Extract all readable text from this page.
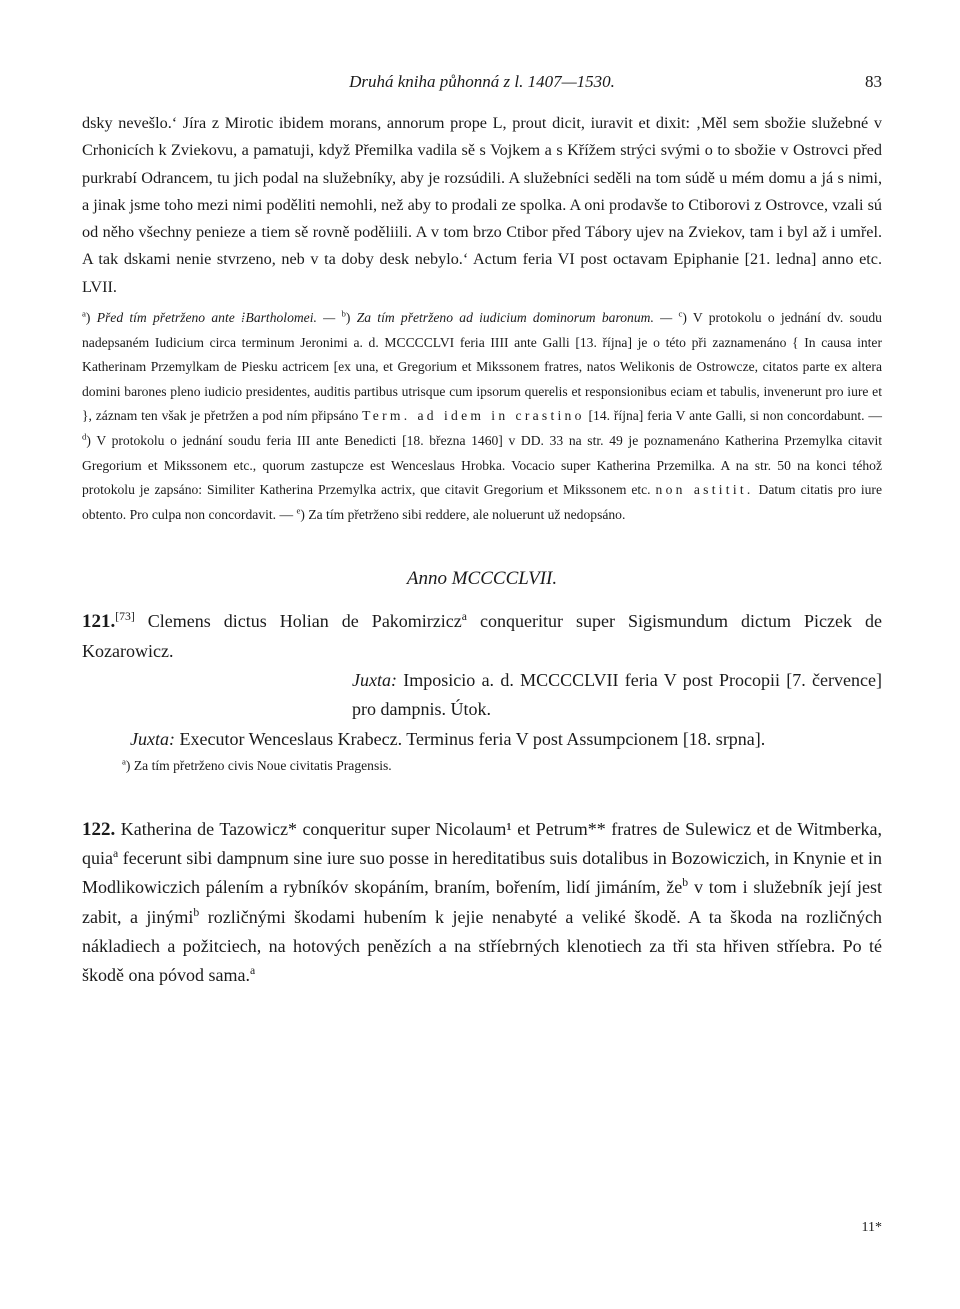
Druhá kniha půhonná z l. 1407—1530.	83

dsky nevešlo.‘ Jíra z Mirotic ibidem morans, annorum prope L, prout dicit, iuravit et dixit: ‚Měl sem sbožie služebné v Crhonicích k Zviekovu, a pamatuji, když Přemilka vadila sě s Vojkem a s Křížem strýci svými o to sbožie v Ostrovci před purkrabí Odrancem, tu jich podal na služebníky, aby je rozsúdili. A služebníci seděli na tom súdě u mém domu a já s nimi, a jinak jsme toho mezi nimi poděliti nemohli, než aby to prodali ze spolka. A oni prodavše to Ctiborovi z Ostrovce, vzali sú od něho všechny penieze a tiem sě rovně poděliili. A v tom brzo Ctibor před Tábory ujev na Zviekov, tam i byl až i umřel. A tak dskami nenie stvrzeno, neb v ta doby desk nebylo.‘ Actum feria VI post octavam Epiphanie [21. ledna] anno etc. LVII.

$^a$) Před tím přetrženo ante ⁞Bartholomei. — $^b$) Za tím přetrženo ad iudicium dominorum baronum. — $^c$) V protokolu o jednání dv. soudu nadepsaném Iudicium circa terminum Jeronimi a. d. MCCCCLVI feria IIII ante Galli [13. října] je o této při zaznamenáno { In causa inter Katherinam Przemylkam de Piesku actricem [ex una, et Gregorium et Mikssonem fratres, natos Welikonis de Ostrowcze, citatos parte ex altera domini barones pleno iudicio presidentes, auditis partibus utrisque cum ipsorum querelis et responsionibus eciam et tabulis, invenerunt pro iure et }, záznam ten však je přetržen a pod ním připsáno Term. ad idem in crastino [14. října] feria V ante Galli, si non concordabunt. — $^d$) V protokolu o jednání soudu feria III ante Benedicti [18. března 1460] v DD. 33 na str. 49 je poznamenáno Katherina Przemylka citavit Gregorium et Mikssonem etc., quorum zastupcze est Wenceslaus Hrobka. Vocacio super Katherina Przemilka. A na str. 50 na konci téhož protokolu je zapsáno: Similiter Katherina Przemylka actrix, que citavit Gregorium et Mikssonem etc. non astitit. Datum citatis pro iure obtento. Pro culpa non concordavit. — $^e$) Za tím přetrženo sibi reddere, ale noluerunt už nedopsáno.

Anno MCCCCLVII.

121.[73] Clemens dictus Holian de Pakomirzicz$^a$ conqueritur super Sigismundum dictum Piczek de Kozarowicz.

Juxta: Imposicio a. d. MCCCCLVII feria V post Procopii [7. července] pro dampnis. Útok.

Juxta: Executor Wenceslaus Krabecz. Terminus feria V post Assumpcionem [18. srpna].

$^a$) Za tím přetrženo civis Noue civitatis Pragensis.

122. Katherina de Tazowicz* conqueritur super Nicolaum¹ et Petrum** fratres de Sulewicz et de Witmberka, quia$^a$ fecerunt sibi dampnum sine iure suo posse in hereditatibus suis dotalibus in Bozowiczich, in Knynie et in Modlikowiczich pálením a rybníkóv skopáním, braním, bořením, lidí jimáním, $že^b$ v tom i služebník její jest zabit, a jinými$^b$ rozličnými škodami hubením k jejie nenabyté a veliké škodě. A ta škoda na rozličných nákladiech a požitciech, na hotových penězích a na stříebrných klenotiech za tři sta hřiven stříebra. Po té škodě ona póvod sama.$^a$

11*
